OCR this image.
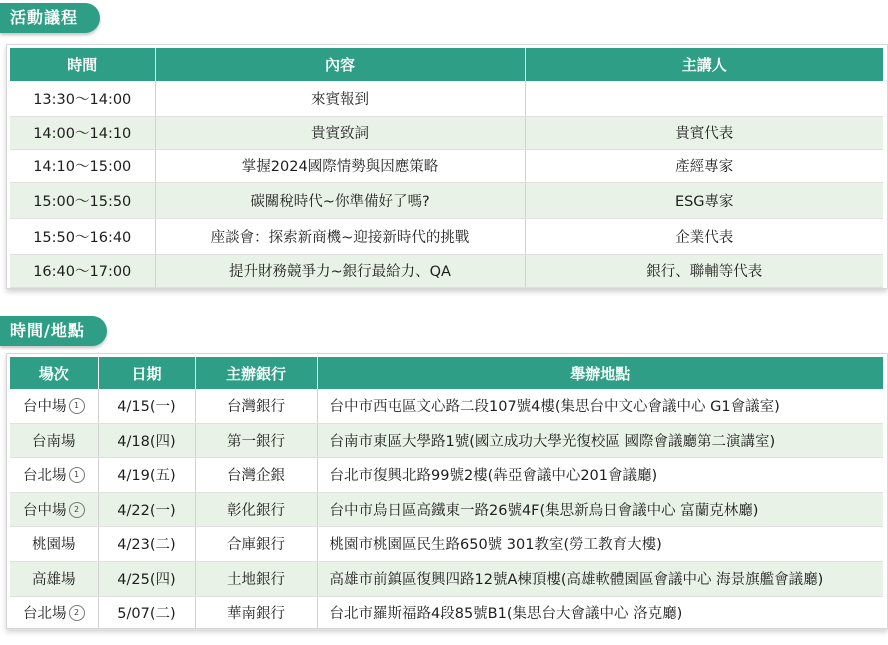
活動議程
時間	內容	主講人
13:30～14:00	來賓報到	
14:00～14:10	貴賓致詞	貴賓代表
14:10～15:00	掌握2024國際情勢與因應策略	產經專家
15:00～15:50	碳關稅時代~你準備好了嗎?	ESG專家
15:50～16:40	座談會：探索新商機~迎接新時代的挑戰	企業代表
16:40～17:00	提升財務競爭力~銀行最給力、QA	銀行、聯輔等代表
時間/地點
場次	日期	主辦銀行	舉辦地點
台中場 1	4/15(一)	台灣銀行	台中市西屯區文心路二段107號4樓(集思台中文心會議中心 G1會議室)
台南場	4/18(四)	第一銀行	台南市東區大學路1號(國立成功大學光復校區 國際會議廳第二演講室)
台北場 1	4/19(五)	台灣企銀	台北市復興北路99號2樓(犇亞會議中心201會議廳)
台中場 2	4/22(一)	彰化銀行	台中市烏日區高鐵東一路26號4F(集思新烏日會議中心 富蘭克林廳)
桃園場	4/23(二)	合庫銀行	桃園市桃園區民生路650號 301教室(勞工教育大樓)
高雄場	4/25(四)	土地銀行	高雄市前鎮區復興四路12號A棟頂樓(高雄軟體園區會議中心 海景旗艦會議廳)
台北場 2	5/07(二)	華南銀行	台北市羅斯福路4段85號B1(集思台大會議中心 洛克廳)
